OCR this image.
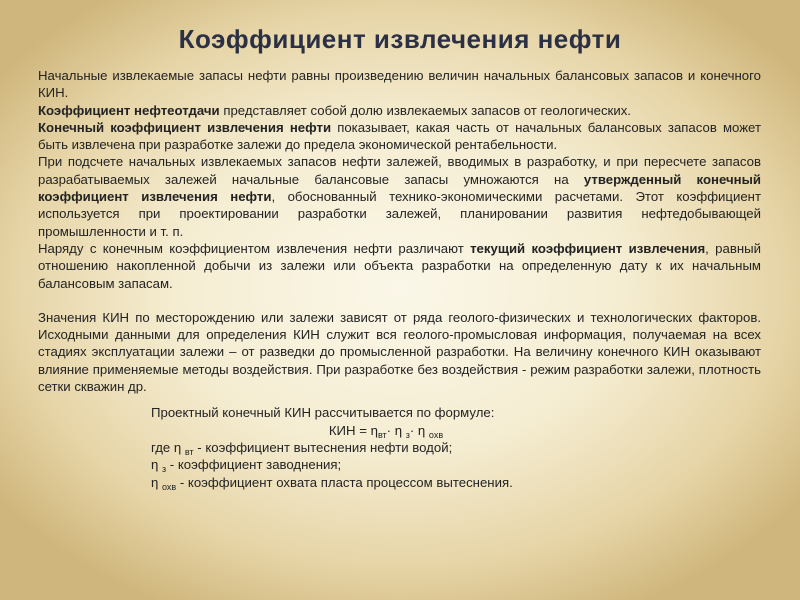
Коэффициент извлечения нефти

Начальные извлекаемые запасы нефти равны произведению величин начальных балансовых запасов и конечного КИН.

Коэффициент нефтеотдачи представляет собой долю извлекаемых запасов от геологических.

Конечный коэффициент извлечения нефти показывает, какая часть от начальных балансовых запасов может быть извлечена при разработке залежи до предела экономической рентабельности.

При подсчете начальных извлекаемых запасов нефти залежей, вводимых в разработку, и при пересчете запасов разрабатываемых залежей начальные балансовые запасы умножаются на утвержденный конечный коэффициент извлечения нефти, обоснованный технико-экономическими расчетами. Этот коэффициент используется при проектировании разработки залежей, планировании развития нефтедобывающей промышленности и т. п.

Наряду с конечным коэффициентом извлечения нефти различают текущий коэффициент извлечения, равный отношению накопленной добычи из залежи или объекта разработки на определенную дату к их начальным балансовым запасам.

Значения КИН по месторождению или залежи зависят от ряда геолого-физических и технологических факторов. Исходными данными для определения КИН служит вся геолого-промысловая информация, получаемая на всех стадиях эксплуатации залежи – от разведки до промысленной разработки. На величину конечного КИН оказывают влияние применяемые методы воздействия. При разработке без воздействия - режим разработки залежи, плотность сетки скважин др.

Проектный конечный КИН рассчитывается по формуле:

КИН = $\eta_{вт}\cdot \eta$ $_з$· η $_{охв}$

где η $_{вт}$ - коэффициент вытеснения нефти водой;

η $_з$ - коэффициент заводнения;

η $_{охв}$ - коэффициент охвата пласта процессом вытеснения.
